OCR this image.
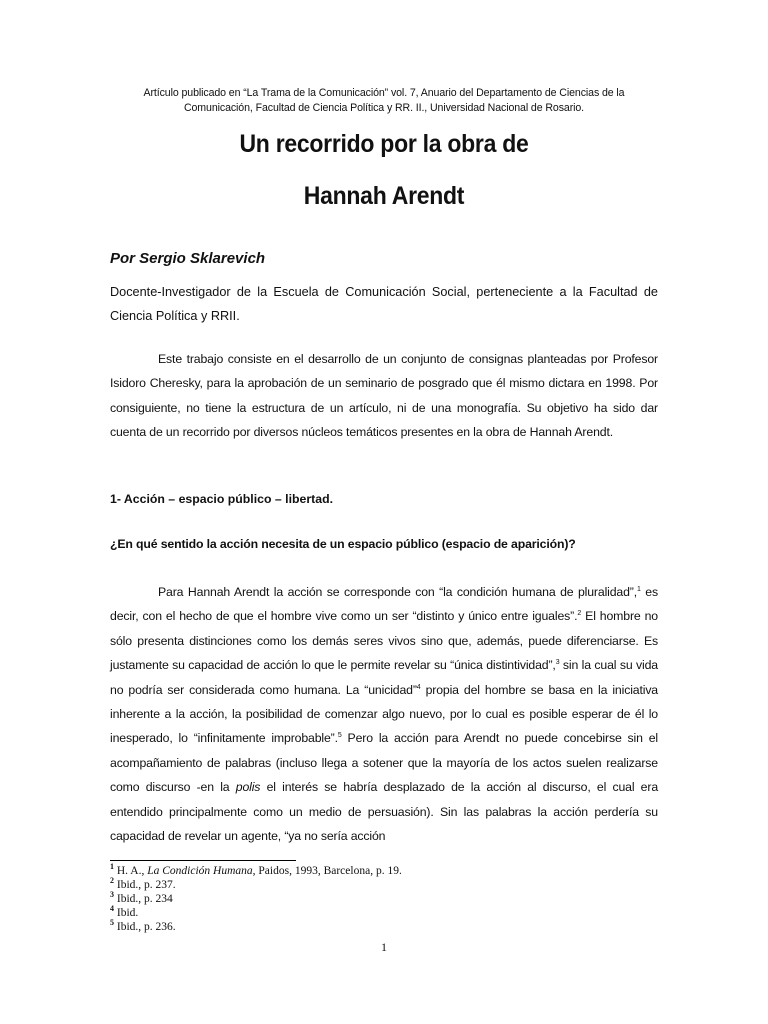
Artículo publicado en “La Trama de la Comunicación” vol. 7, Anuario del Departamento de Ciencias de la Comunicación, Facultad de Ciencia Política y RR. II., Universidad Nacional de Rosario.
Un recorrido por la obra de
Hannah Arendt
Por Sergio Sklarevich
Docente-Investigador de la Escuela de Comunicación Social, perteneciente a la Facultad de Ciencia Política y RRII.
Este trabajo consiste en el desarrollo de un conjunto de consignas planteadas por Profesor Isidoro Cheresky, para la aprobación de un seminario de posgrado que él mismo dictara en 1998. Por consiguiente, no tiene la estructura de un artículo, ni de una monografía. Su objetivo ha sido dar cuenta de un recorrido por diversos núcleos temáticos presentes en la obra de Hannah Arendt.
1- Acción – espacio público – libertad.
¿En qué sentido la acción necesita de un espacio público (espacio de aparición)?
Para Hannah Arendt la acción se corresponde con “la condición humana de pluralidad”,$^1$ es decir, con el hecho de que el hombre vive como un ser “distinto y único entre iguales”.$^2$ El hombre no sólo presenta distinciones como los demás seres vivos sino que, además, puede diferenciarse. Es justamente su capacidad de acción lo que le permite revelar su “única distintividad”,$^3$ sin la cual su vida no podría ser considerada como humana. La “unicidad”$^4$ propia del hombre se basa en la iniciativa inherente a la acción, la posibilidad de comenzar algo nuevo, por lo cual es posible esperar de él lo inesperado, lo “infinitamente improbable”.$^5$ Pero la acción para Arendt no puede concebirse sin el acompañamiento de palabras (incluso llega a sotener que la mayoría de los actos suelen realizarse como discurso -en la polis el interés se habría desplazado de la acción al discurso, el cual era entendido principalmente como un medio de persuasión). Sin las palabras la acción perdería su capacidad de revelar un agente, “ya no sería acción
$^1$ H. A., La Condición Humana, Paidos, 1993, Barcelona, p. 19.
$^2$ Ibid., p. 237.
$^3$ Ibid., p. 234
$^4$ Ibid.
$^5$ Ibid., p. 236.
1
